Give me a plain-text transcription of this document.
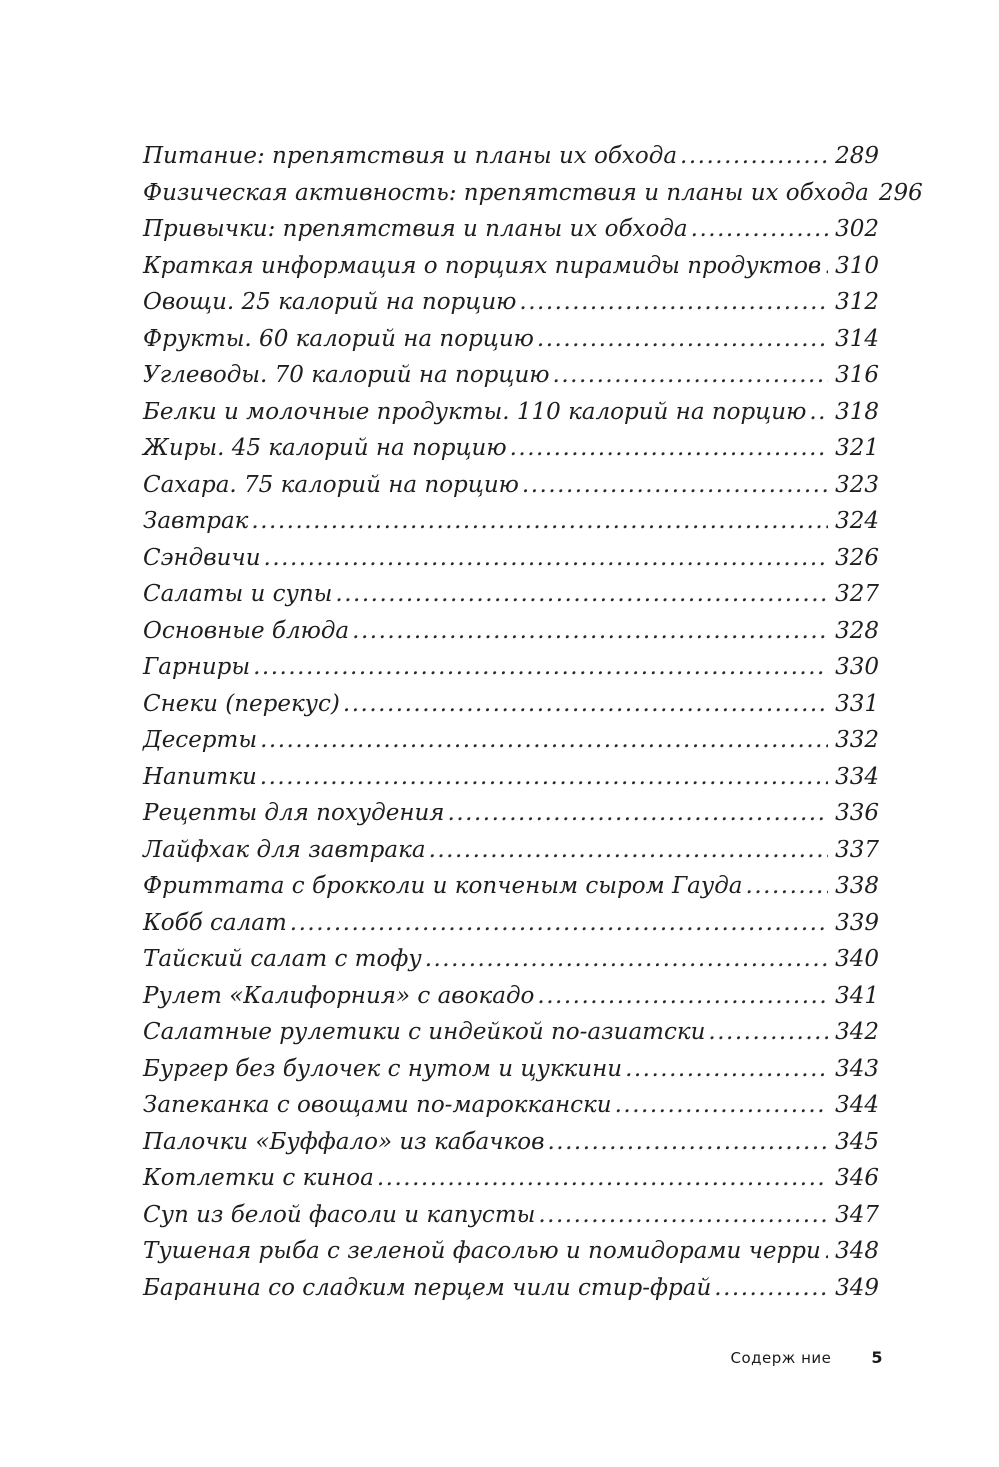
Питание: препятствия и планы их обхода .....	289
Физическая активность: препятствия и планы их обхода 296
Привычки: препятствия и планы их обхода .....	302
Краткая информация о порциях пирамиды продуктов ..... 310
Овощи. 25 калорий на порцию .....	312
Фрукты. 60 калорий на порцию .....	314
Углеводы. 70 калорий на порцию .....	316
Белки и молочные продукты. 110 калорий на порцию ..... 318
Жиры. 45 калорий на порцию .....	321
Сахара. 75 калорий на порцию .....	323
Завтрак .....	324
Сэндвичи .....	326
Салаты и супы .....	327
Основные блюда .....	328
Гарниры .....	330
Снеки (перекус) .....	331
Десерты .....	332
Напитки .....	334
Рецепты для похудения .....	336
Лайфхак для завтрака .....	337
Фриттата с брокколи и копченым сыром Гауда .....	338
Кобб салат .....	339
Тайский салат с тофу .....	340
Рулет «Калифорния» с авокадо .....	341
Салатные рулетики с индейкой по-азиатски .....	342
Бургер без булочек с нутом и цуккини .....	343
Запеканка с овощами по-мароккански .....	344
Палочки «Буффало» из кабачков .....	345
Котлетки с киноа .....	346
Суп из белой фасоли и капусты .....	347
Тушеная рыба с зеленой фасолью и помидорами черри ..... 348
Баранина со сладким перцем чили стир-фрай .....	349
Содерж ние	5
